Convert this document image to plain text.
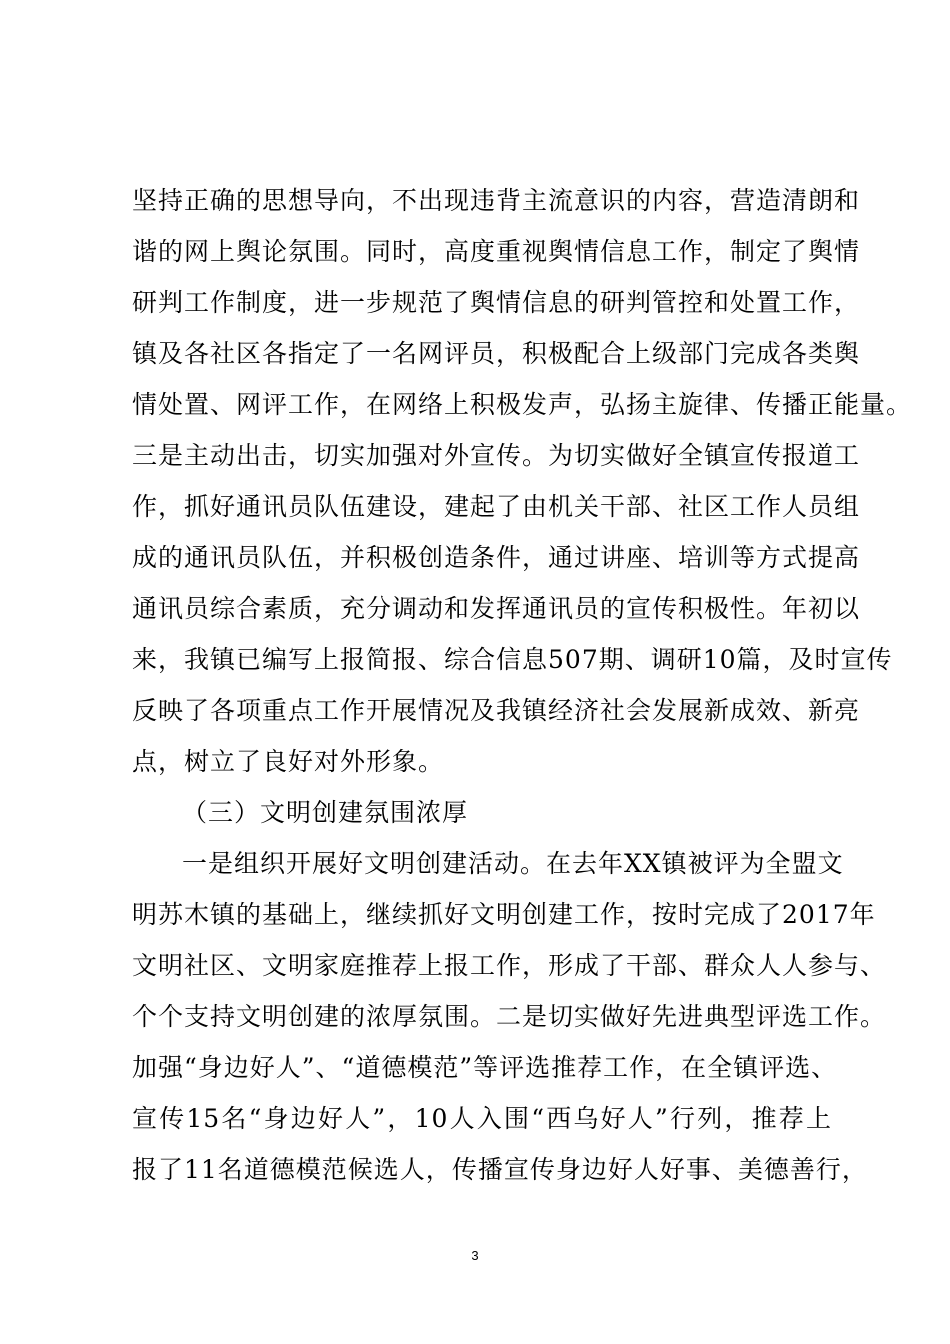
坚持正确的思想导向，不出现违背主流意识的内容，营造清朗和
谐的网上舆论氛围。同时，高度重视舆情信息工作，制定了舆情
研判工作制度，进一步规范了舆情信息的研判管控和处置工作，
镇及各社区各指定了一名网评员，积极配合上级部门完成各类舆
情处置、网评工作，在网络上积极发声，弘扬主旋律、传播正能量。
三是主动出击，切实加强对外宣传。为切实做好全镇宣传报道工
作，抓好通讯员队伍建设，建起了由机关干部、社区工作人员组
成的通讯员队伍，并积极创造条件，通过讲座、培训等方式提高
通讯员综合素质，充分调动和发挥通讯员的宣传积极性。年初以
来，我镇已编写上报简报、综合信息507期、调研10篇，及时宣传
反映了各项重点工作开展情况及我镇经济社会发展新成效、新亮
点，树立了良好对外形象。
（三）文明创建氛围浓厚
一是组织开展好文明创建活动。在去年XX镇被评为全盟文
明苏木镇的基础上，继续抓好文明创建工作，按时完成了2017年
文明社区、文明家庭推荐上报工作，形成了干部、群众人人参与、
个个支持文明创建的浓厚氛围。二是切实做好先进典型评选工作。
加强“身边好人”、“道德模范”等评选推荐工作，在全镇评选、
宣传15名“身边好人”，10人入围“西乌好人”行列，推荐上
报了11名道德模范候选人，传播宣传身边好人好事、美德善行，
3
